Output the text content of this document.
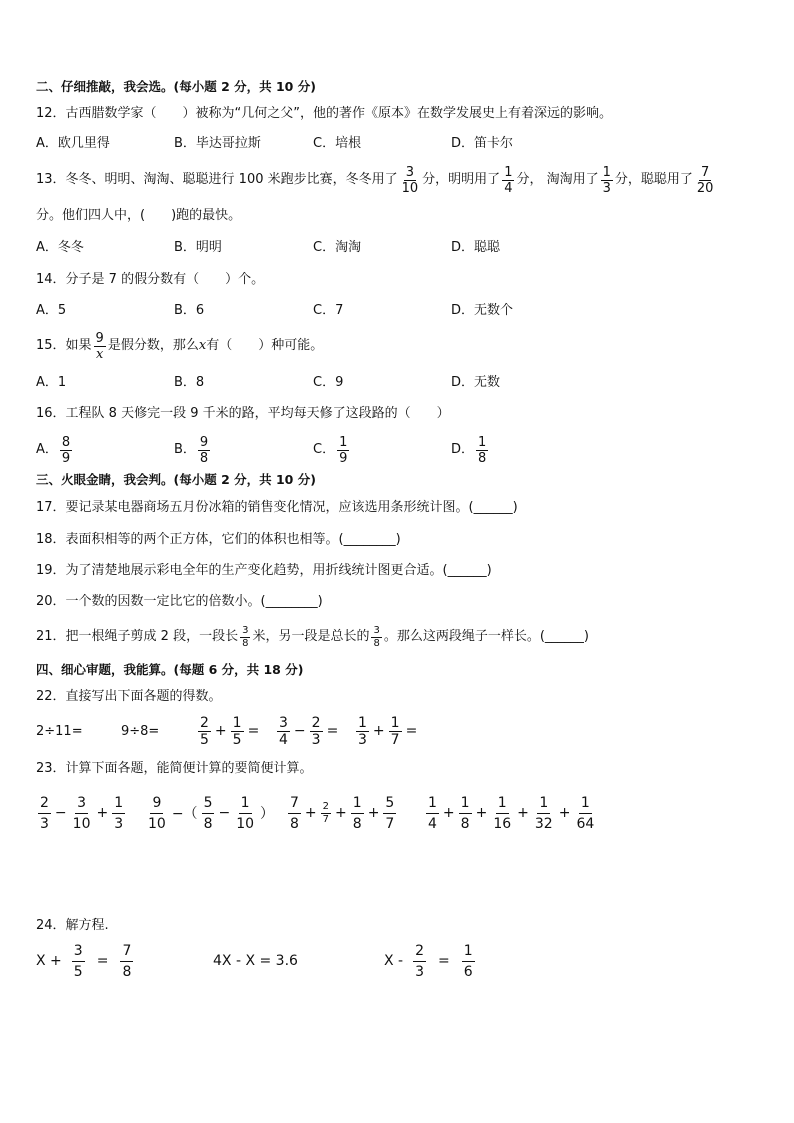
二、仔细推敲，我会选。(每小题 2 分，共 10 分)
12．古西腊数学家（　　）被称为“几何之父”，他的著作《原本》在数学发展史上有着深远的影响。
A．欧几里得	B．毕达哥拉斯	C．培根	D．笛卡尔
13．冬冬、明明、淘淘、聪聪进行 100 米跑步比赛，冬冬用了 $\frac{3}{10}$ 分，明明用了 $\frac{1}{4}$ 分， 淘淘用了 $\frac{1}{3}$ 分，聪聪用了 $\frac{7}{20}$
分。他们四人中，(　　)跑的最快。
A．冬冬	B．明明	C．淘淘	D．聪聪
14．分子是 7 的假分数有（　　）个。
A．5	B．6	C．7	D．无数个
15．如果 $\frac{9}{x}$ 是假分数，那么 x 有（　　）种可能。
A．1	B．8	C．9	D．无数
16．工程队 8 天修完一段 9 千米的路，平均每天修了这段路的（　　）
A． $\frac{8}{9}$	B． $\frac{9}{8}$	C． $\frac{1}{9}$	D． $\frac{1}{8}$
三、火眼金睛，我会判。(每小题 2 分，共 10 分)
17．要记录某电器商场五月份冰箱的销售变化情况，应该选用条形统计图。(______)
18．表面积相等的两个正方体，它们的体积也相等。(________)
19．为了清楚地展示彩电全年的生产变化趋势，用折线统计图更合适。(______)
20．一个数的因数一定比它的倍数小。(________)
21．把一根绳子剪成 2 段，一段长 $\frac{3}{8}$ 米，另一段是总长的 $\frac{3}{8}$ 。那么这两段绳子一样长。(______)
四、细心审题，我能算。(每题 6 分，共 18 分)
22．直接写出下面各题的得数。
2÷11=	9÷8=	$\frac{2}{5} + \frac{1}{5} = \frac{3}{4} - \frac{2}{3} = \frac{1}{3} + \frac{1}{7}$ =
23．计算下面各题，能简便计算的要简便计算。
$\frac{2}{3} - \frac{3}{10} + \frac{1}{3} \frac{9}{10}$ −（ $\frac{5}{8} - \frac{1}{10}$ ） $\frac{7}{8} + \frac{2}{7} + \frac{1}{8} + \frac{5}{7} \frac{1}{4} + \frac{1}{8} + \frac{1}{16} + \frac{1}{32} + \frac{1}{64}$
24．解方程.
$X + \frac{3}{5} = \frac{7}{8}$	4X - X = 3.6	$X - \frac{2}{3} = \frac{1}{6}$
